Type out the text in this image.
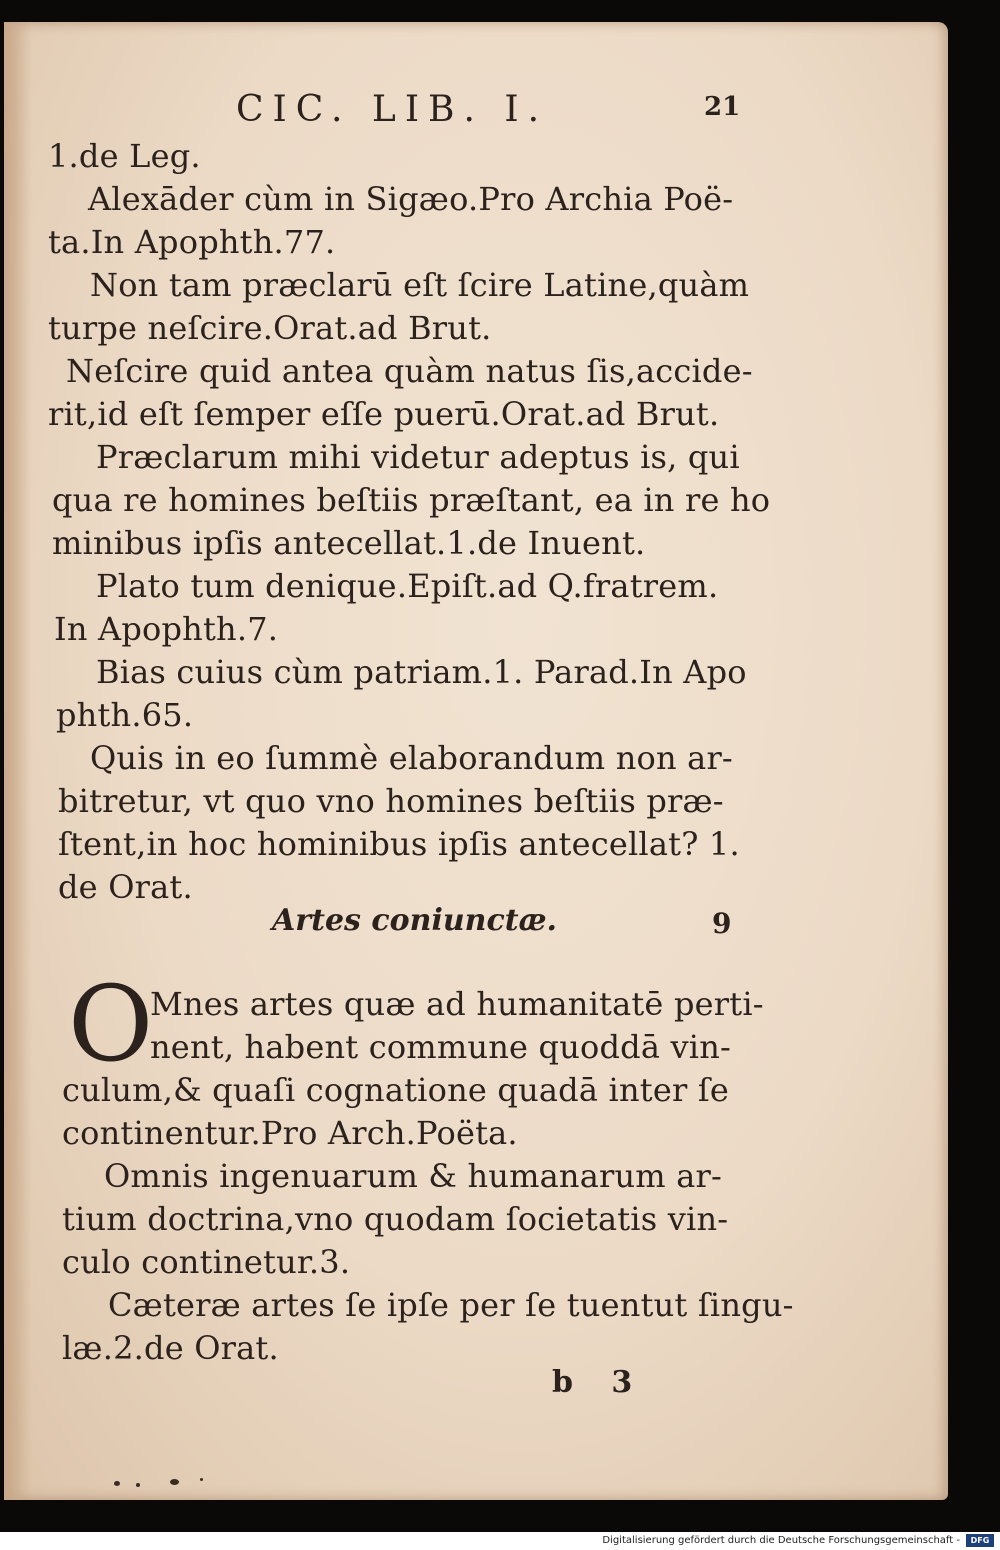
CIC. LIB. I.	21
1.de Leg.
Alexāder cùm in Sigæo.Pro Archia Poë-
ta.In Apophth.77.
Non tam præclarū eſt ſcire Latine,quàm
turpe neſcire.Orat.ad Brut.
Neſcire quid antea quàm natus ſis,accide-
rit,id eſt ſemper eſſe puerū.Orat.ad Brut.
Præclarum mihi videtur adeptus is, qui
qua re homines beſtiis præſtant, ea in re ho
minibus ipſis antecellat.1.de Inuent.
Plato tum denique.Epiſt.ad Q.fratrem.
In Apophth.7.
Bias cuius cùm patriam.1. Parad.In Apo
phth.65.
Quis in eo ſummè elaborandum non ar-
bitretur, vt quo vno homines beſtiis præ-
ſtent,in hoc hominibus ipſis antecellat? 1.
de Orat.
Artes coniunctæ.	9
O
Mnes artes quæ ad humanitatē perti-
nent, habent commune quoddā vin-
culum,& quaſi cognatione quadā inter ſe
continentur.Pro Arch.Poëta.
Omnis ingenuarum & humanarum ar-
tium doctrina,vno quodam ſocietatis vin-
culo continetur.3.
Cæteræ artes ſe ipſe per ſe tuentut ſingu-
læ.2.de Orat.
b 3
Digitalisierung gefördert durch die Deutsche Forschungsgemeinschaft -	DFG
